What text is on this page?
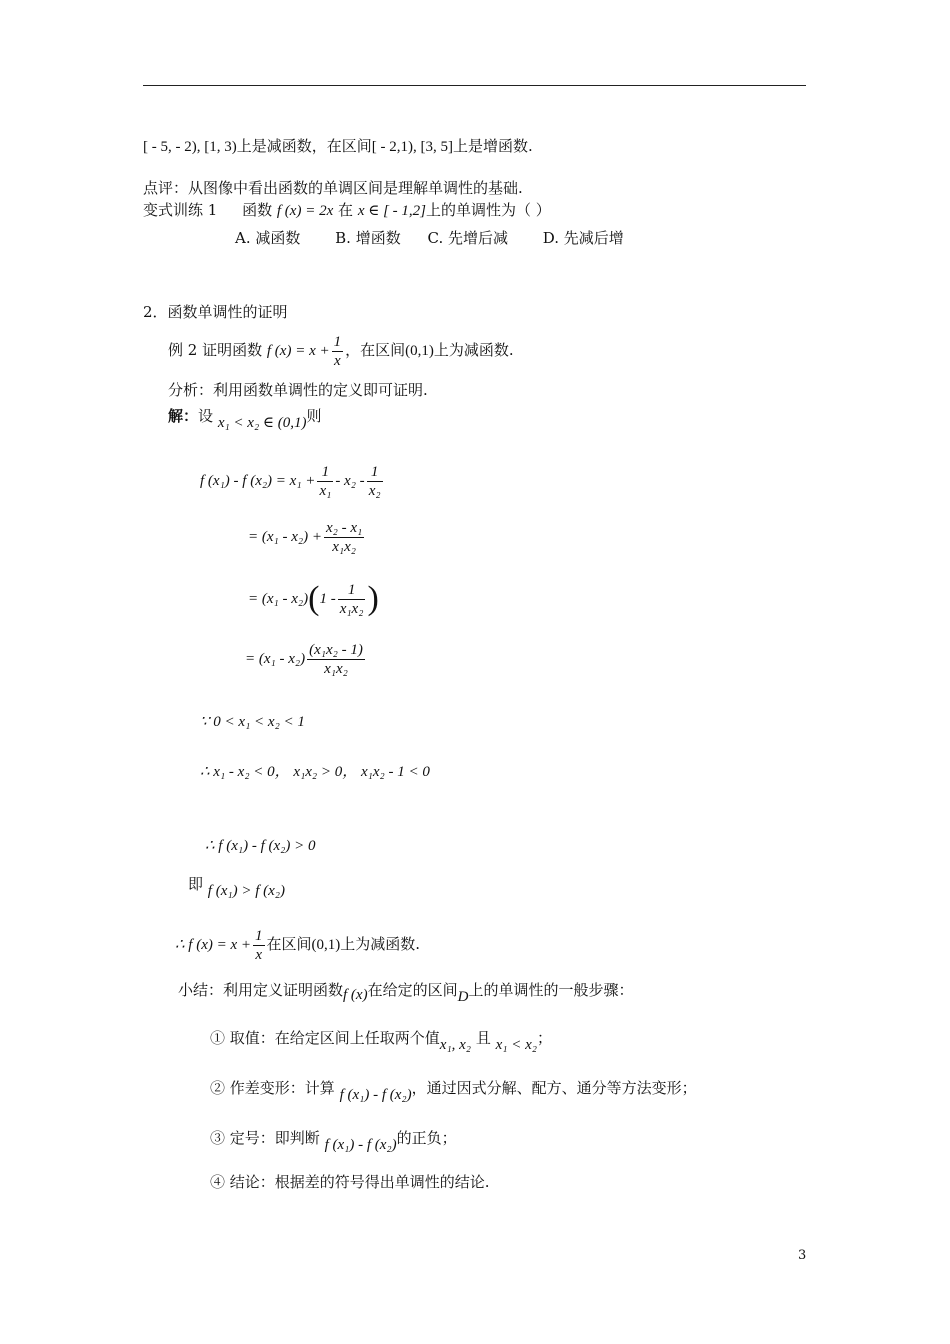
[ - 5, - 2), [1, 3)上是减函数，在区间[ - 2,1), [3, 5]上是增函数.
点评：从图像中看出函数的单调区间是理解单调性的基础.
变式训练 1 函数 f (x) = 2x 在 x ∈ [ - 1,2]上的单调性为（ ）
A. 减函数 B. 增函数 C. 先增后减 D. 先减后增
2．函数单调性的证明
例 2 证明函数 f $(x) = x + \frac{1}{x}$ ，在区间(0,1)上为减函数.
分析：利用函数单调性的定义即可证明.
解：设 x₁ < x₂ ∈ (0,1)则
f (x₁) - f $(x_2) = x_1 + \frac{1}{\text{x₁}} - x_2 - \frac{1}{\text{x₂}}$
= $(x_1 - x_2) + \frac{\text{x₂ - x₁}}{\text{x₁x₂}}$
= $(x_1 - x_2)(1 - \frac{1}{\text{x₁x₂}}$ )
= $(x_1 - x_2) \frac{\text{(x₁x₂ - 1)}}{\text{x₁x₂}}$
∵ 0 < x₁ < x₂ < 1
∴ x₁ - x₂ < 0， x₁x₂ > 0， x₁x₂ - 1 < 0
∴ f (x₁) - f (x₂) > 0
即 f (x₁) > f (x₂)
∴ f $(x) = x + \frac{1}{x}$ 在区间(0,1)上为减函数.
小结：利用定义证明函数f (x)在给定的区间D上的单调性的一般步骤：
① 取值：在给定区间上任取两个值x₁, x₂ 且 x₁ < x₂；
② 作差变形：计算 f (x₁) - f (x₂)，通过因式分解、配方、通分等方法变形；
③ 定号：即判断 f (x₁) - f (x₂)的正负；
④ 结论：根据差的符号得出单调性的结论.
3
